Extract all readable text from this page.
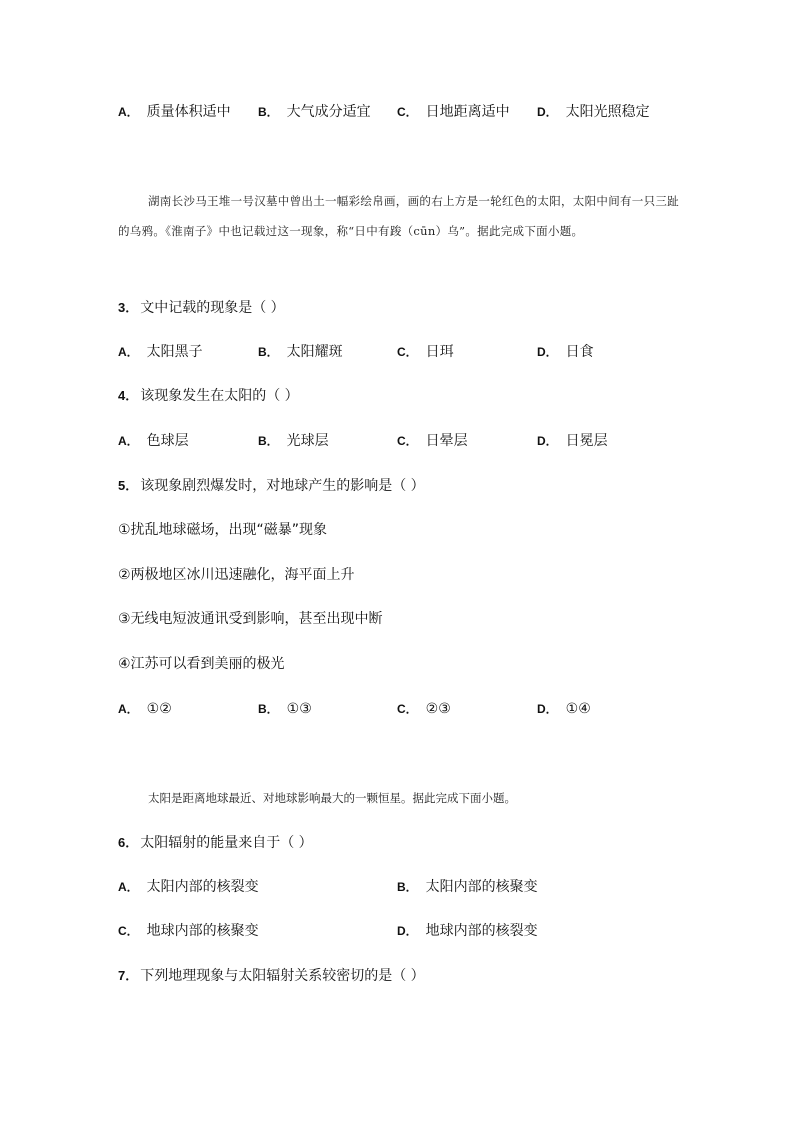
A． 质量体积适中 B． 大气成分适宜 C． 日地距离适中 D． 太阳光照稳定
湖南长沙马王堆一号汉墓中曾出土一幅彩绘帛画，画的右上方是一轮红色的太阳，太阳中间有一只三趾的乌鸦。《淮南子》中也记载过这一现象，称“日中有踆（cūn）乌”。据此完成下面小题。
3． 文中记载的现象是（ ）
A． 太阳黑子	B． 太阳耀斑	C． 日珥	D． 日食
4． 该现象发生在太阳的（ ）
A． 色球层	B． 光球层	C． 日晕层	D． 日冕层
5． 该现象剧烈爆发时，对地球产生的影响是（ ）
①扰乱地球磁场，出现“磁暴”现象
②两极地区冰川迅速融化，海平面上升
③无线电短波通讯受到影响，甚至出现中断
④江苏可以看到美丽的极光
A． ①②	B． ①③	C． ②③	D． ①④
太阳是距离地球最近、对地球影响最大的一颗恒星。据此完成下面小题。
6． 太阳辐射的能量来自于（ ）
A． 太阳内部的核裂变	B． 太阳内部的核聚变
C． 地球内部的核聚变	D． 地球内部的核裂变
7． 下列地理现象与太阳辐射关系较密切的是（ ）
